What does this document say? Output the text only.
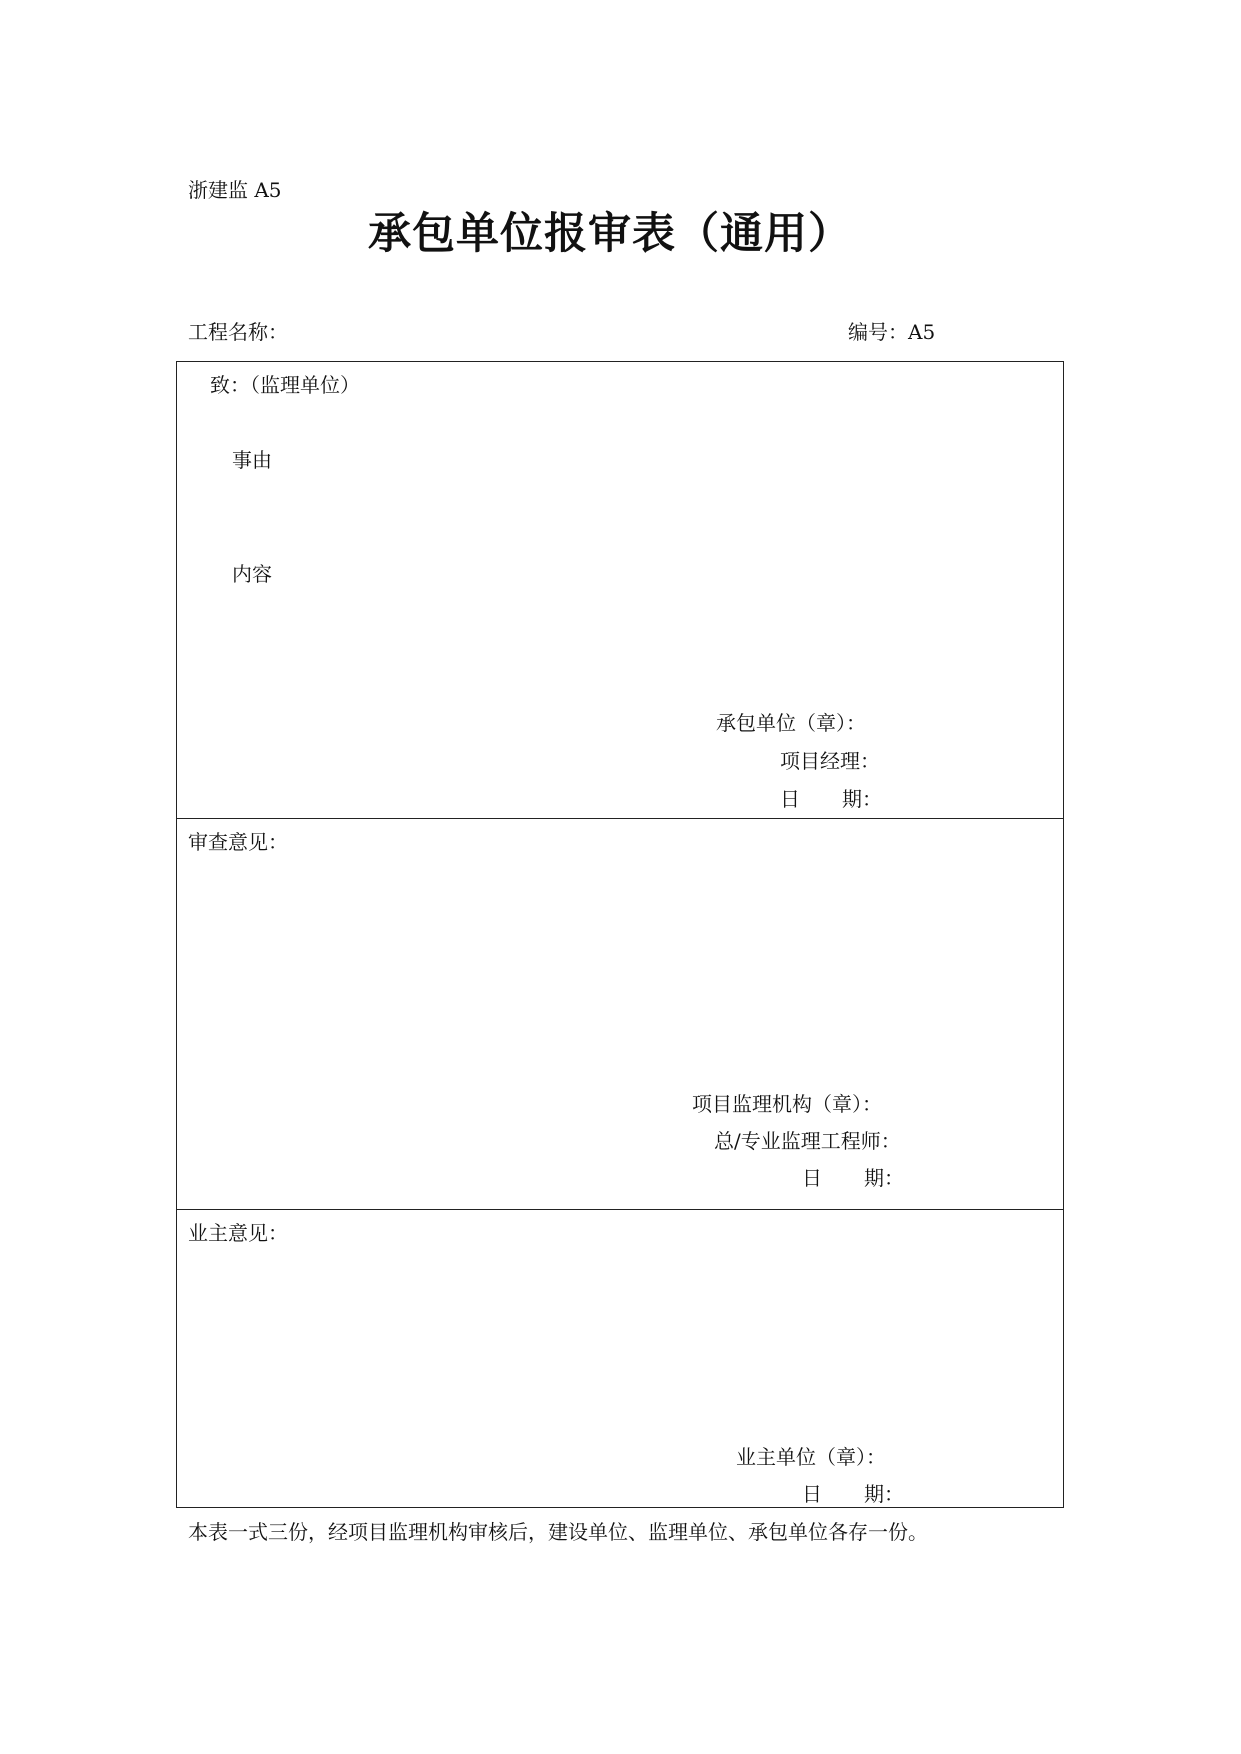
浙建监 A5
承包单位报审表（通用）
工程名称：	编号：A5
致：（监理单位）
事由
内容
承包单位（章）：
项目经理：
日 期：
审查意见：
项目监理机构（章）：
总/专业监理工程师：
日 期：
业主意见：
业主单位（章）：
日 期：
本表一式三份，经项目监理机构审核后，建设单位、监理单位、承包单位各存一份。
